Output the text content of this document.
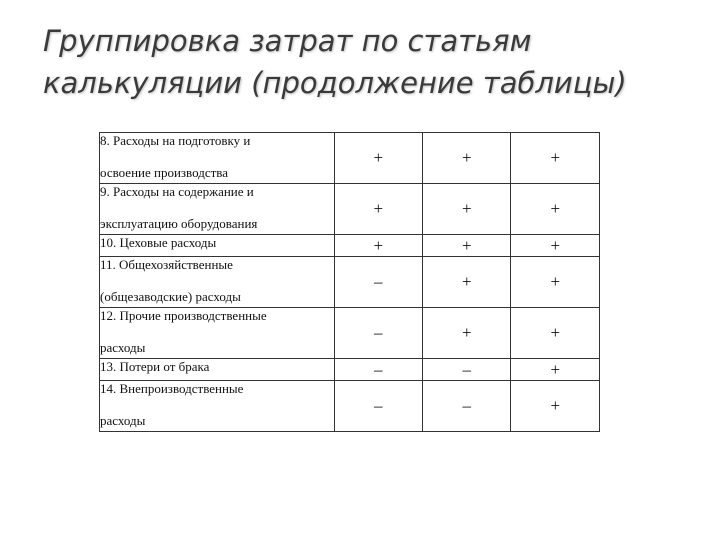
Группировка затрат по статьям
калькуляции (продолжение таблицы)
8. Расходы на подготовку и
освоение производства	+	+	+

9. Расходы на содержание и
эксплуатацию оборудования	+	+	+

10. Цеховые расходы	+	+	+

11. Общехозяйственные
(общезаводские) расходы	–	+	+

12. Прочие производственные
расходы	–	+	+

13. Потери от брака	–	–	+

14. Внепроизводственные
расходы	–	–	+
